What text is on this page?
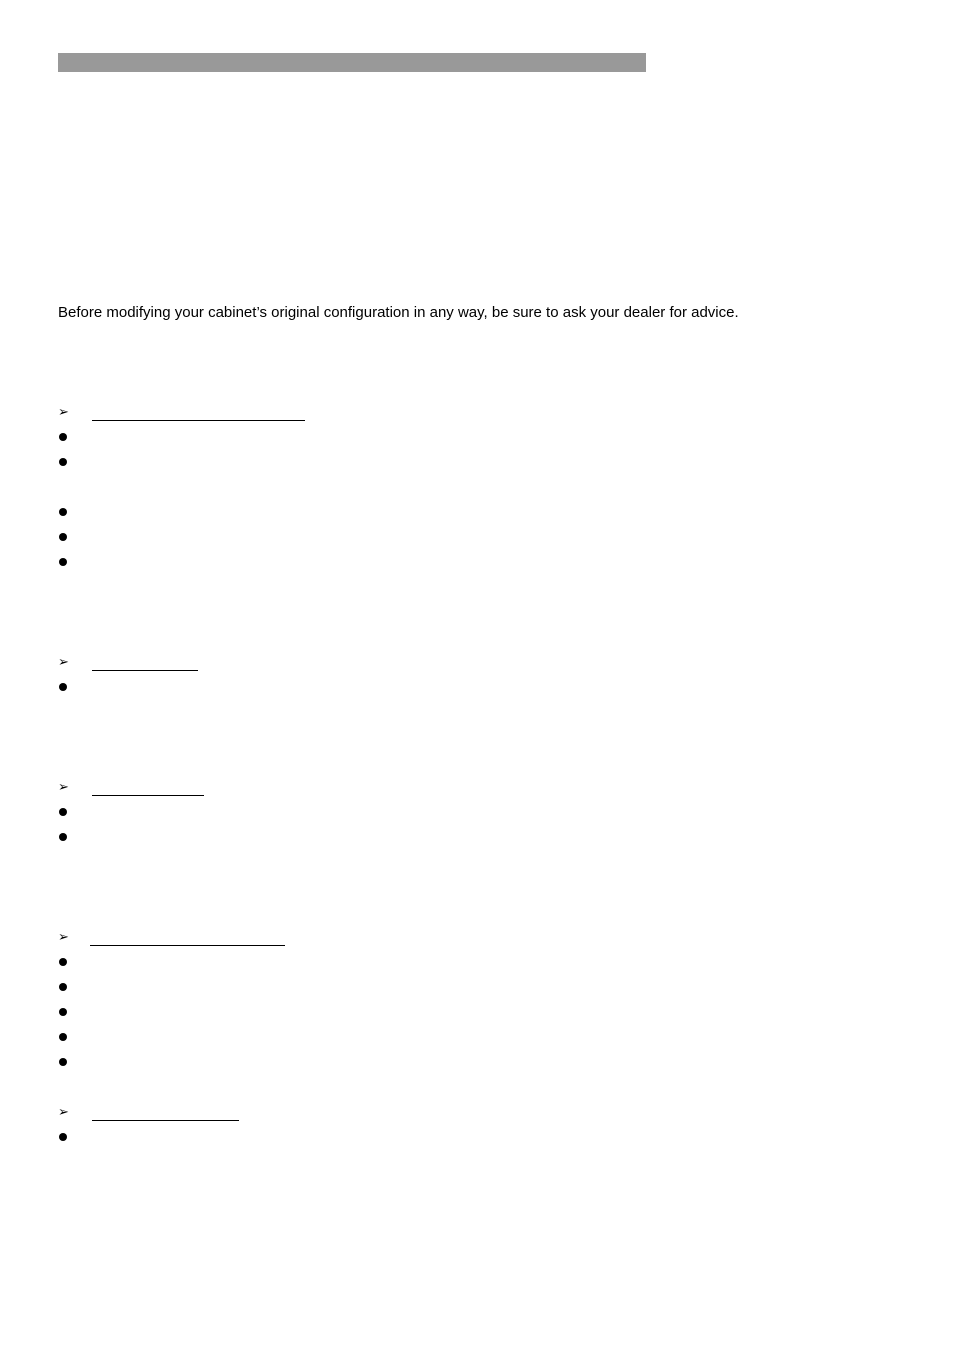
Before modifying your cabinet’s original configuration in any way, be sure to ask your dealer for advice.
➢
➢
➢
➢
➢
